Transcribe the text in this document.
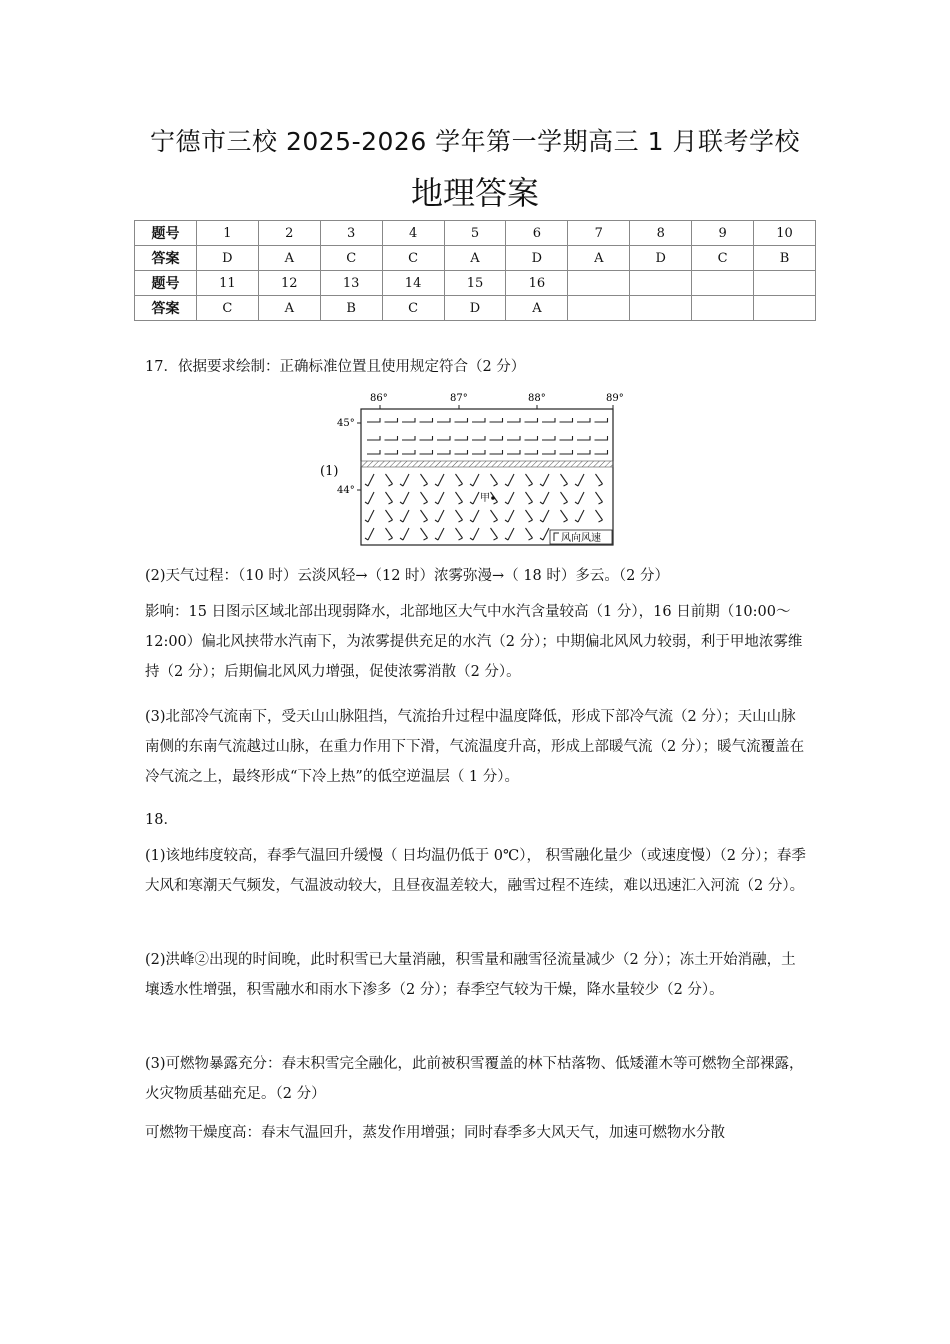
宁德市三校 2025-2026 学年第一学期高三 1 月联考学校
地理答案
题号	1	2	3	4	5	6	7	8	9	10
答案	D	A	C	C	A	D	A	D	C	B
题号	11	12	13	14	15	16				
答案	C	A	B	C	D	A				

17．依据要求绘制：正确标准位置且使用规定符合（2 分）

(1)
86°	87°	88°	89°
45°
44°
甲
风向风速

(2)天气过程：（10 时）云淡风轻→（12 时）浓雾弥漫→（ 18 时）多云。（2 分）

影响：15 日图示区域北部出现弱降水，北部地区大气中水汽含量较高（1 分），16 日前期（10:00～12:00）偏北风挟带水汽南下，为浓雾提供充足的水汽（2 分）；中期偏北风风力较弱，利于甲地浓雾维持（2 分）；后期偏北风风力增强，促使浓雾消散（2 分）。

(3)北部冷气流南下，受天山山脉阻挡，气流抬升过程中温度降低，形成下部冷气流（2 分）；天山山脉南侧的东南气流越过山脉，在重力作用下下滑，气流温度升高，形成上部暖气流（2 分）；暖气流覆盖在冷气流之上，最终形成“下冷上热”的低空逆温层（ 1 分）。

18．

(1)该地纬度较高，春季气温回升缓慢（ 日均温仍低于 0℃）， 积雪融化量少（或速度慢）（2 分）；春季大风和寒潮天气频发，气温波动较大，且昼夜温差较大，融雪过程不连续，难以迅速汇入河流（2 分）。

(2)洪峰②出现的时间晚，此时积雪已大量消融，积雪量和融雪径流量减少（2 分）；冻土开始消融，土壤透水性增强，积雪融水和雨水下渗多（2 分）；春季空气较为干燥，降水量较少（2 分）。

(3)可燃物暴露充分：春末积雪完全融化，此前被积雪覆盖的林下枯落物、低矮灌木等可燃物全部裸露，火灾物质基础充足。（2 分）

可燃物干燥度高：春末气温回升，蒸发作用增强；同时春季多大风天气，加速可燃物水分散
